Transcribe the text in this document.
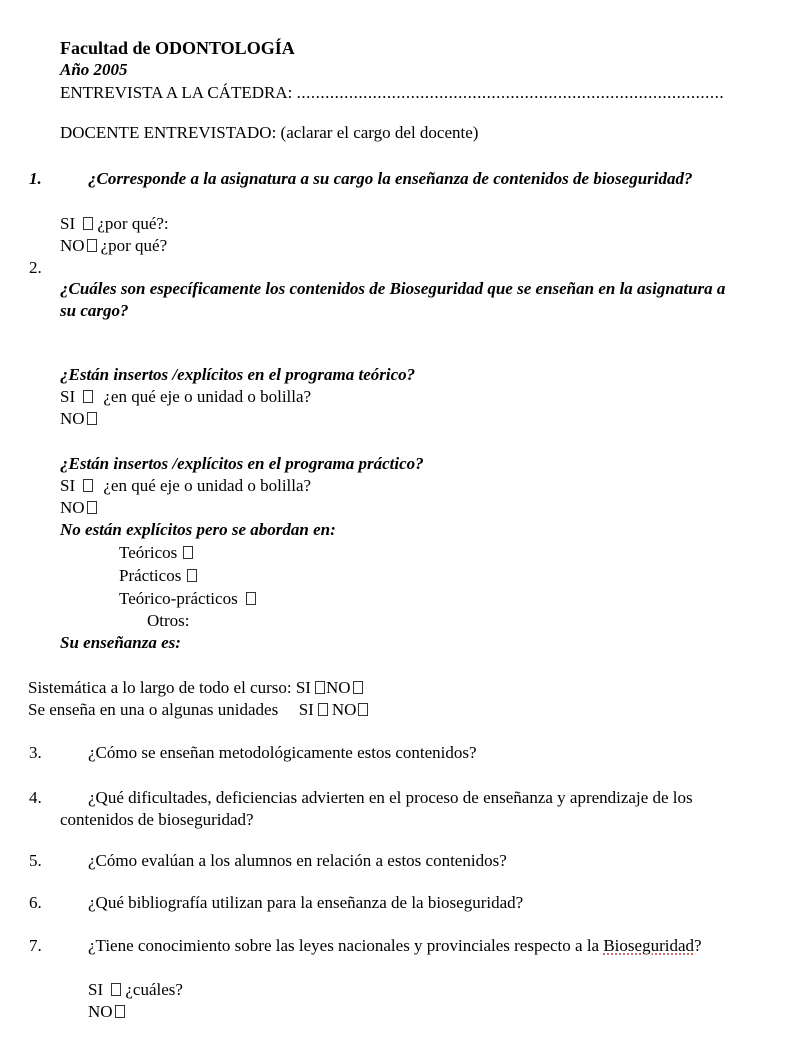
Facultad de ODONTOLOGÍA
Año 2005
ENTREVISTA A LA CÁTEDRA: ..........................................................................................
DOCENTE ENTREVISTADO: (aclarar el cargo del docente)
1.	¿Corresponde a la asignatura a su cargo la enseñanza de contenidos de bioseguridad?
SI ¿por qué?:
NO ¿por qué?
2.
¿Cuáles son específicamente los contenidos de Bioseguridad que se enseñan en la asignatura a
su cargo?
¿Están insertos /explícitos en el programa teórico?
SI ¿en qué eje o unidad o bolilla?
NO
¿Están insertos /explícitos en el programa práctico?
SI ¿en qué eje o unidad o bolilla?
NO
No están explícitos pero se abordan en:
Teóricos
Prácticos
Teórico-prácticos
Otros:
Su enseñanza es:
Sistemática a lo largo de todo el curso: SI NO
Se enseña en una o algunas unidades SI NO
3.	¿Cómo se enseñan metodológicamente estos contenidos?
4.	¿Qué dificultades, deficiencias advierten en el proceso de enseñanza y aprendizaje de los
contenidos de bioseguridad?
5.	¿Cómo evalúan a los alumnos en relación a estos contenidos?
6.	¿Qué bibliografía utilizan para la enseñanza de la bioseguridad?
7.	¿Tiene conocimiento sobre las leyes nacionales y provinciales respecto a la Bioseguridad?
SI ¿cuáles?
NO
